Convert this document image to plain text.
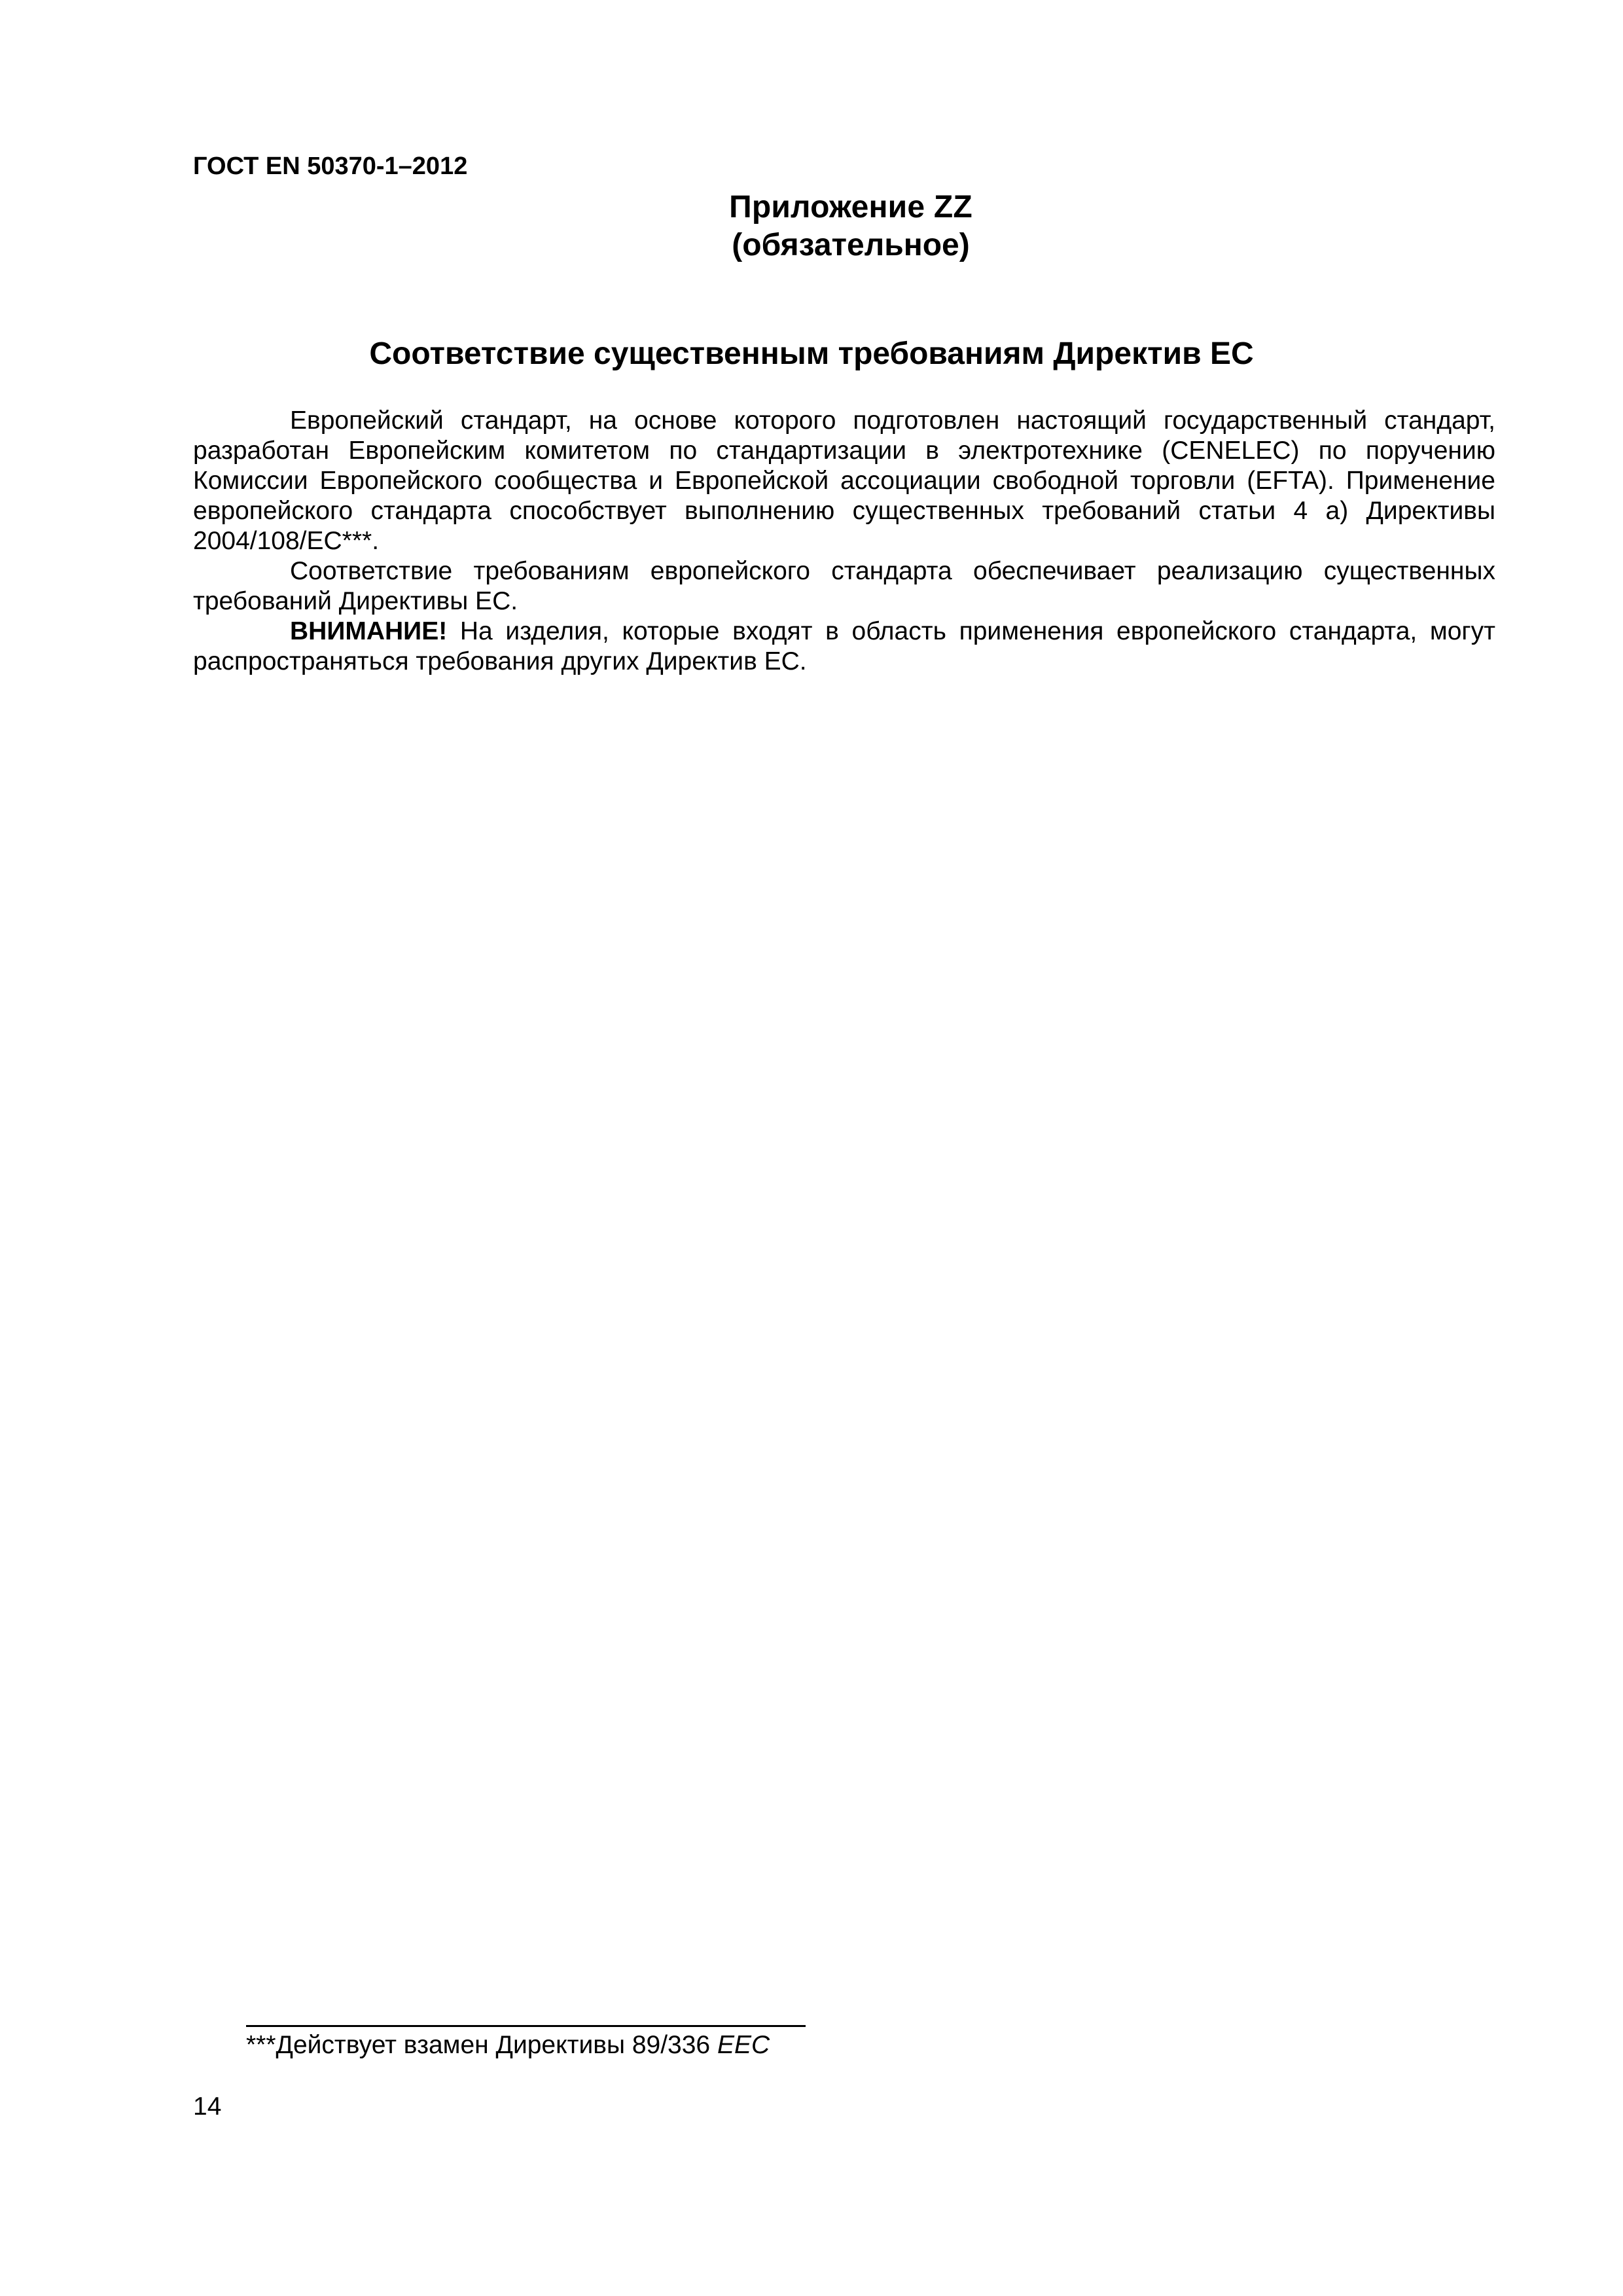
ГОСТ EN 50370-1–2012
Приложение ZZ
(обязательное)
Соответствие существенным требованиям Директив ЕС

Европейский стандарт, на основе которого подготовлен настоящий государственный стандарт, разработан Европейским комитетом по стандартизации в электротехнике (CENELEC) по поручению Комиссии Европейского сообщества и Европейской ассоциации свободной торговли (EFTA). Применение европейского стандарта способствует выполнению существенных требований статьи 4 a) Директивы 2004/108/EC***.

Соответствие требованиям европейского стандарта обеспечивает реализацию существенных требований Директивы ЕС.

ВНИМАНИЕ! На изделия, которые входят в область применения европейского стандарта, могут распространяться требования других Директив ЕС.

***Действует взамен Директивы 89/336 EEC
14
